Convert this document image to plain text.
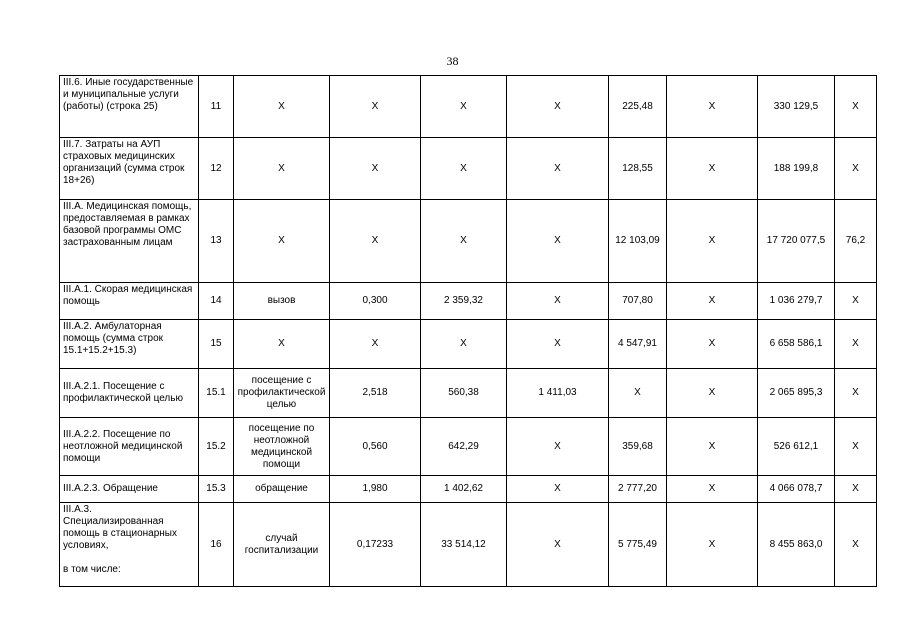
38
III.6. Иные государственные и муниципальные услуги (работы) (строка 25)	11	Х	Х	Х	Х	225,48	Х	330 129,5	Х
III.7. Затраты на АУП страховых медицинских организаций (сумма строк 18+26)	12	Х	Х	Х	Х	128,55	Х	188 199,8	Х
III.А. Медицинская помощь, предоставляемая в рамках базовой программы ОМС застрахованным лицам	13	Х	Х	Х	Х	12 103,09	Х	17 720 077,5	76,2
III.А.1. Скорая медицинская помощь	14	вызов	0,300	2 359,32	Х	707,80	Х	1 036 279,7	Х
III.А.2. Амбулаторная помощь (сумма строк 15.1+15.2+15.3)	15	Х	Х	Х	Х	4 547,91	Х	6 658 586,1	Х
III.А.2.1. Посещение с профилактической целью	15.1	посещение с профилактической целью	2,518	560,38	1 411,03	Х	Х	2 065 895,3	Х
III.А.2.2. Посещение по неотложной медицинской помощи	15.2	посещение по неотложной медицинской помощи	0,560	642,29	Х	359,68	Х	526 612,1	Х
III.А.2.3. Обращение	15.3	обращение	1,980	1 402,62	Х	2 777,20	Х	4 066 078,7	Х
III.А.3. Специализированная помощь в стационарных условиях,
в том числе:	16	случай госпитализации	0,17233	33 514,12	Х	5 775,49	Х	8 455 863,0	Х
